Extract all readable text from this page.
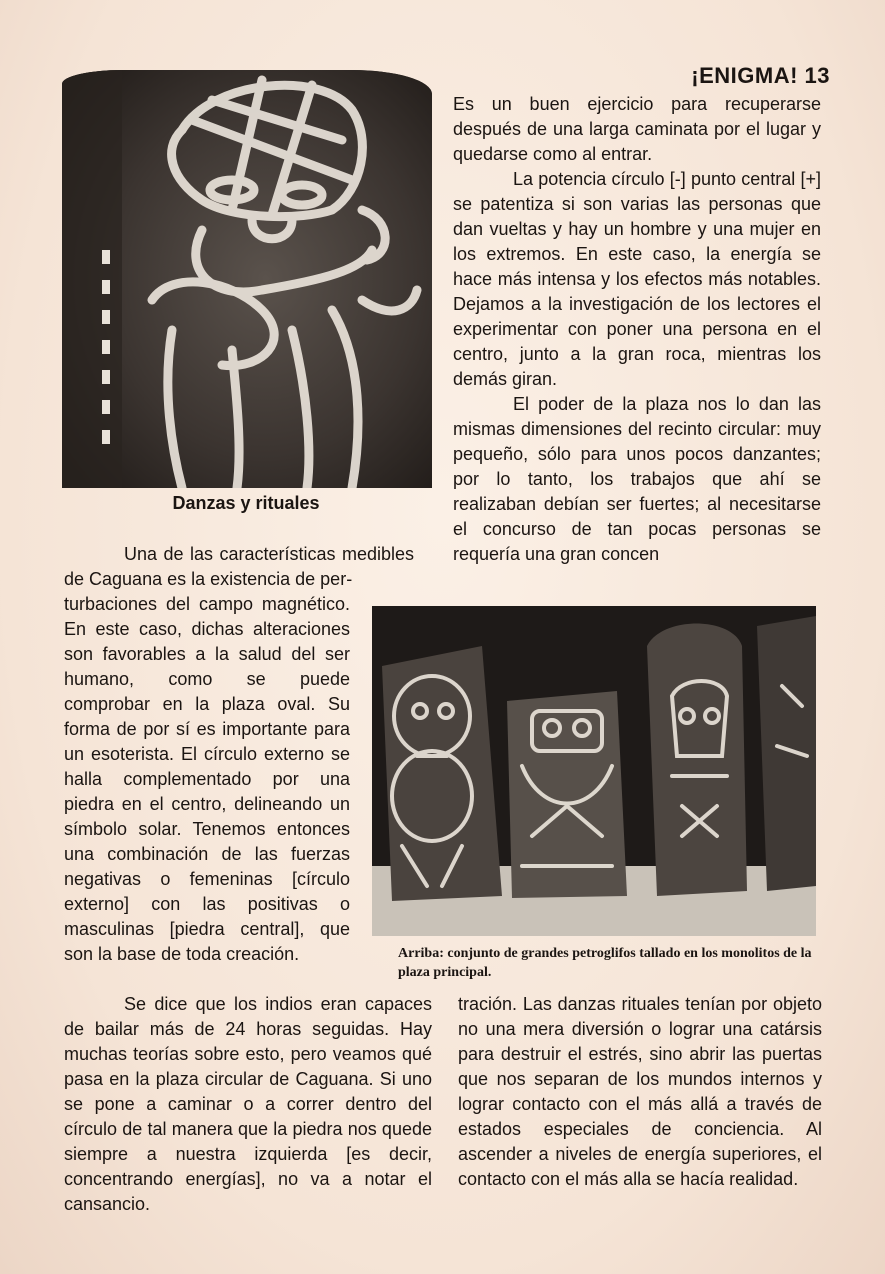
¡ENIGMA! 13
Danzas y rituales

Es un buen ejercicio para recuperarse después de una larga caminata por el lugar y quedarse como al entrar.

La potencia círculo [-] punto central [+] se patentiza si son varias las personas que dan vueltas y hay un hombre y una mujer en los extremos. En este caso, la energía se hace más intensa y los efectos más notables. Dejamos a la investigación de los lectores el experimentar con poner una persona en el centro, junto a la gran roca, mientras los demás giran.

El poder de la plaza nos lo dan las mismas dimensiones del recinto circular: muy pequeño, sólo para unos pocos danzantes; por lo tanto, los trabajos que ahí se realizaban debían ser fuertes; al necesitarse el concurso de tan pocas personas se requería una gran concen

Una de las características medibles de Caguana es la existencia de per-

turbaciones del campo magnético. En este caso, dichas alteraciones son favorables a la salud del ser humano, como se puede comprobar en la plaza oval. Su forma de por sí es importante para un esoterista. El círculo externo se halla complementado por una piedra en el centro, delineando un símbolo solar. Tenemos entonces una combinación de las fuerzas negativas o femeninas [círculo externo] con las positivas o masculinas [piedra central], que son la base de toda creación.	Arriba: conjunto de grandes petroglifos tallado en los monolitos de la plaza principal.

Se dice que los indios eran capaces de bailar más de 24 horas seguidas. Hay muchas teorías sobre esto, pero veamos qué pasa en la plaza circular de Caguana. Si uno se pone a caminar o a correr dentro del círculo de tal manera que la piedra nos quede siempre a nuestra izquierda [es decir, concentrando energías], no va a notar el cansancio.

tración. Las danzas rituales tenían por objeto no una mera diversión o lograr una catársis para destruir el estrés, sino abrir las puertas que nos separan de los mundos internos y lograr contacto con el más allá a través de estados especiales de conciencia. Al ascender a niveles de energía superiores, el contacto con el más alla se hacía realidad.
